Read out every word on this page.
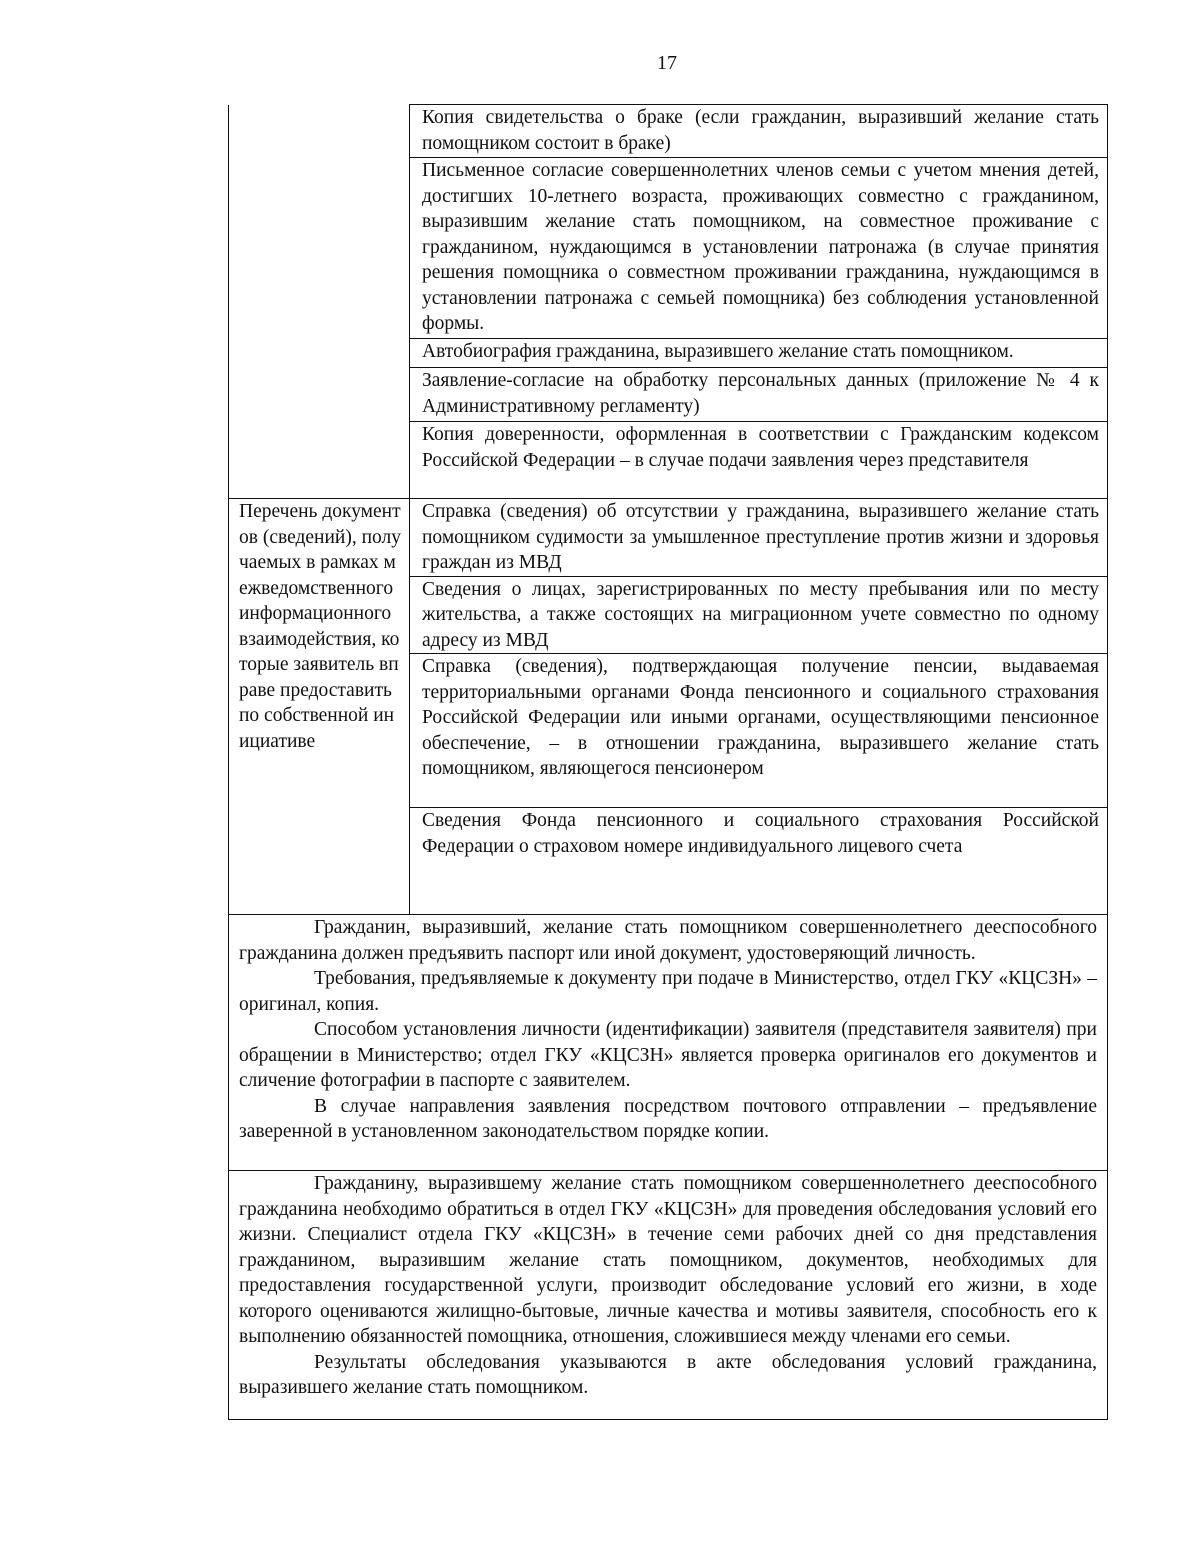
17

	Копия свидетельства о браке (если гражданин, выразивший желание стать помощником состоит в браке)

	Письменное согласие совершеннолетних членов семьи с учетом мнения детей, достигших 10-летнего возраста, проживающих совместно с гражданином, выразившим желание стать помощником, на совместное проживание с гражданином, нуждающимся в установлении патронажа (в случае принятия решения помощника о совместном проживании гражданина, нуждающимся в установлении патронажа с семьей помощника) без соблюдения установленной формы.

	Автобиография гражданина, выразившего желание стать помощником.

	Заявление-согласие на обработку персональных данных (приложение № 4 к Административному регламенту)

	Копия доверенности, оформленная в соответствии с Гражданским кодексом Российской Федерации – в случае подачи заявления через представителя

Перечень документов (сведений), получаемых в рамках межведомственного информационного взаимодействия, которые заявитель вправе предоставить по собственной инициативе	Справка (сведения) об отсутствии у гражданина, выразившего желание стать помощником судимости за умышленное преступление против жизни и здоровья граждан из МВД

	Сведения о лицах, зарегистрированных по месту пребывания или по месту жительства, а также состоящих на миграционном учете совместно по одному адресу из МВД

	Справка (сведения), подтверждающая получение пенсии, выдаваемая территориальными органами Фонда пенсионного и социального страхования Российской Федерации или иными органами, осуществляющими пенсионное обеспечение, – в отношении гражданина, выразившего желание стать помощником, являющегося пенсионером

	Сведения Фонда пенсионного и социального страхования Российской Федерации о страховом номере индивидуального лицевого счета

Гражданин, выразивший, желание стать помощником совершеннолетнего дееспособного гражданина должен предъявить паспорт или иной документ, удостоверяющий личность.

Требования, предъявляемые к документу при подаче в Министерство, отдел ГКУ «КЦСЗН» – оригинал, копия.

Способом установления личности (идентификации) заявителя (представителя заявителя) при обращении в Министерство; отдел ГКУ «КЦСЗН» является проверка оригиналов его документов и сличение фотографии в паспорте с заявителем.

В случае направления заявления посредством почтового отправлении – предъявление заверенной в установленном законодательством порядке копии.	

Гражданину, выразившему желание стать помощником совершеннолетнего дееспособного гражданина необходимо обратиться в отдел ГКУ «КЦСЗН» для проведения обследования условий его жизни. Специалист отдела ГКУ «КЦСЗН» в течение семи рабочих дней со дня представления гражданином, выразившим желание стать помощником, документов, необходимых для предоставления государственной услуги, производит обследование условий его жизни, в ходе которого оцениваются жилищно-бытовые, личные качества и мотивы заявителя, способность его к выполнению обязанностей помощника, отношения, сложившиеся между членами его семьи.

Результаты обследования указываются в акте обследования условий гражданина, выразившего желание стать помощником.	
